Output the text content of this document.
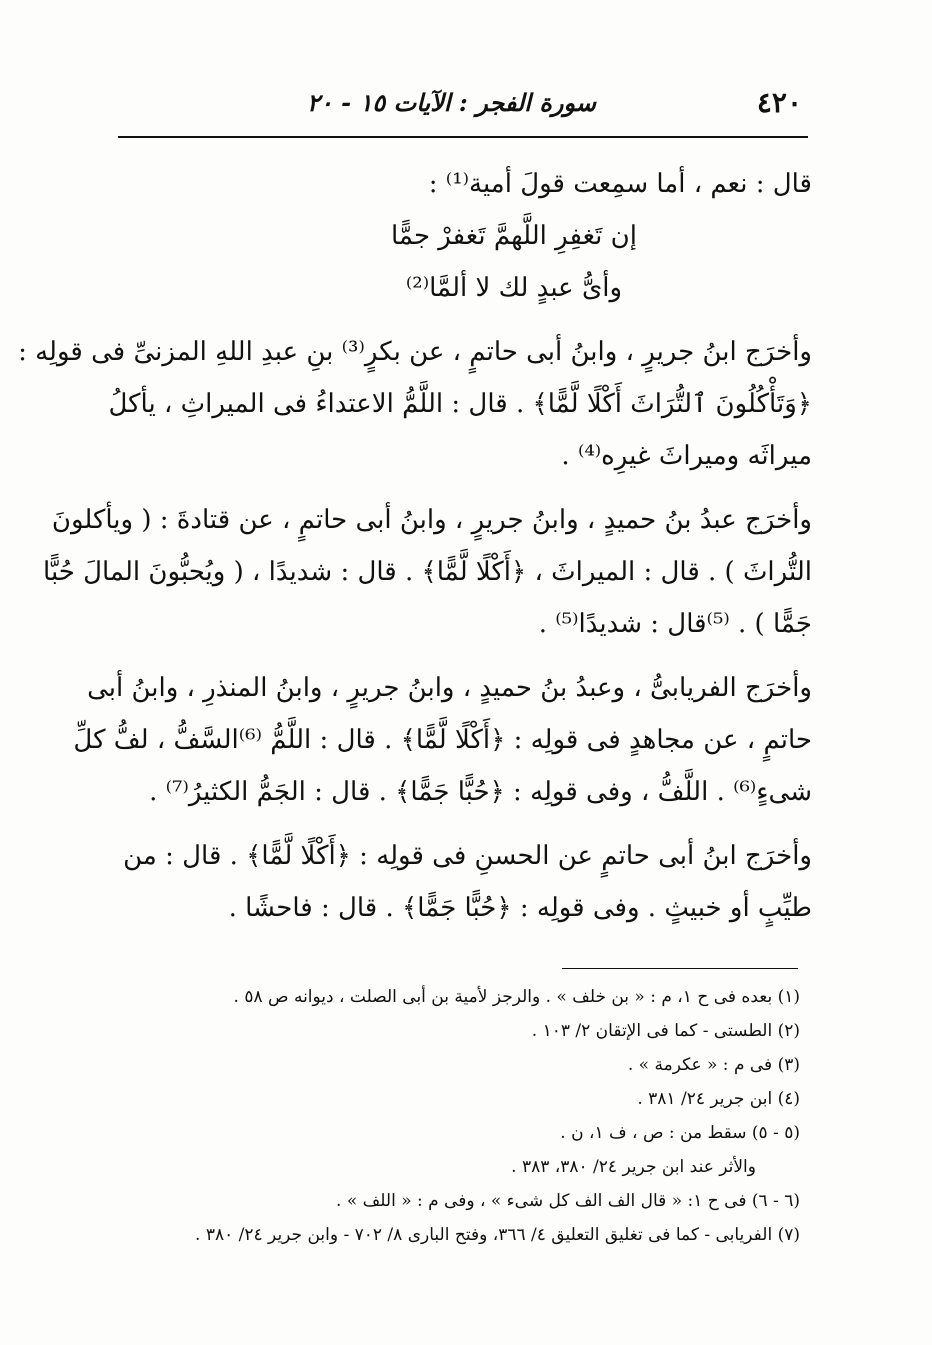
٤٢٠
سورة الفجر : الآيات ١٥ - ٢٠
قال : نعم ، أما سمِعت قولَ أمية⁽¹⁾ :
إن تَغفِرِ اللَّهمَّ تَغفرْ جمًّا
وأىُّ عبدٍ لك لا ألمَّا⁽²⁾
وأخرَج ابنُ جريرٍ ، وابنُ أبى حاتمٍ ، عن بكرٍ⁽³⁾ بنِ عبدِ اللهِ المزنىِّ فى قولِه :
﴿وَتَأْكُلُونَ ٱلتُّرَاثَ أَكْلًا لَّمًّا﴾ . قال : اللَّمُّ الاعتداءُ فى الميراثِ ، يأكلُ
ميراثَه وميراثَ غيرِه⁽⁴⁾ .
وأخرَج عبدُ بنُ حميدٍ ، وابنُ جريرٍ ، وابنُ أبى حاتمٍ ، عن قتادةَ : ( ويأكلونَ
التُّراثَ ) . قال : الميراثَ ، ﴿أَكْلًا لَّمًّا﴾ . قال : شديدًا ، ( ويُحبُّونَ المالَ حُبًّا
جَمًّا ) . ⁽⁵⁾قال : شديدًا⁽⁵⁾ .
وأخرَج الفريابىُّ ، وعبدُ بنُ حميدٍ ، وابنُ جريرٍ ، وابنُ المنذرِ ، وابنُ أبى
حاتمٍ ، عن مجاهدٍ فى قولِه : ﴿أَكْلًا لَّمًّا﴾ . قال : اللَّمُّ ⁽⁶⁾السَّفُّ ، لفُّ كلِّ
شىءٍ⁽⁶⁾ . اللَّفُّ ، وفى قولِه : ﴿حُبًّا جَمًّا﴾ . قال : الجَمُّ الكثيرُ⁽⁷⁾ .
وأخرَج ابنُ أبى حاتمٍ عن الحسنِ فى قولِه : ﴿أَكْلًا لَّمًّا﴾ . قال : من
طيِّبٍ أو خبيثٍ . وفى قولِه : ﴿حُبًّا جَمًّا﴾ . قال : فاحشًا .
(١) بعده فى ح ١، م : « بن خلف » . والرجز لأمية بن أبى الصلت ، ديوانه ص ٥٨ .
(٢) الطستى - كما فى الإتقان ٢/ ١٠٣ .
(٣) فى م : « عكرمة » .
(٤) ابن جرير ٢٤/ ٣٨١ .
(٥ - ٥) سقط من : ص ، ف ١، ن .
والأثر عند ابن جرير ٢٤/ ٣٨٠، ٣٨٣ .
(٦ - ٦) فى ح ١: « قال الف الف كل شىء » ، وفى م : « اللف » .
(٧) الفريابى - كما فى تغليق التعليق ٤/ ٣٦٦، وفتح البارى ٨/ ٧٠٢ - وابن جرير ٢٤/ ٣٨٠ .
